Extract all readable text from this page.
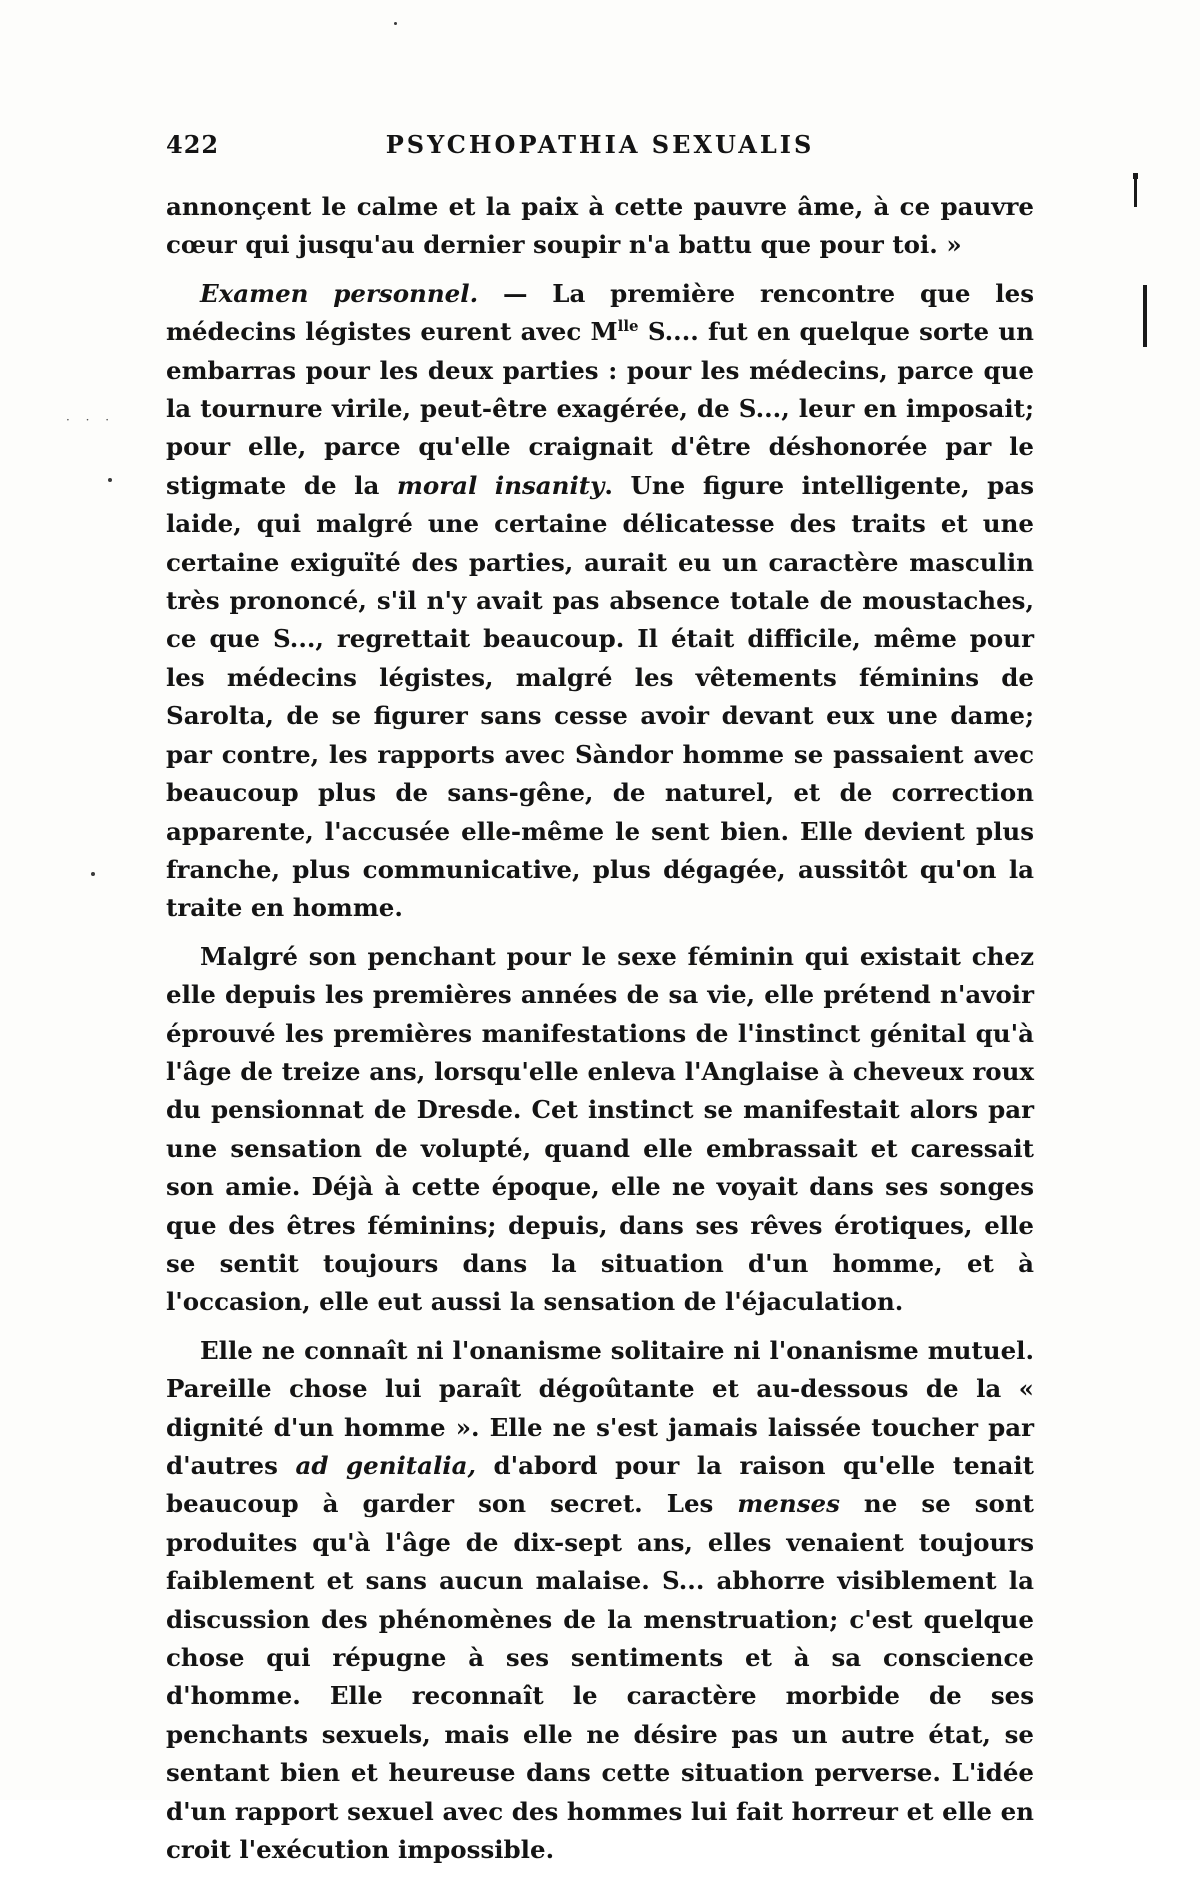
422	PSYCHOPATHIA SEXUALIS
· · ·

annonçent le calme et la paix à cette pauvre âme, à ce pauvre cœur qui jusqu'au dernier soupir n'a battu que pour toi. »

Examen personnel. — La première rencontre que les médecins légistes eurent avec $M^{lle}$ S.... fut en quelque sorte un embarras pour les deux parties : pour les médecins, parce que la tournure virile, peut-être exagérée, de S..., leur en imposait; pour elle, parce qu'elle craignait d'être déshonorée par le stigmate de la moral insanity. Une figure intelligente, pas laide, qui malgré une certaine délicatesse des traits et une certaine exiguïté des parties, aurait eu un caractère masculin très prononcé, s'il n'y avait pas absence totale de moustaches, ce que S..., regrettait beaucoup. Il était difficile, même pour les médecins légistes, malgré les vêtements féminins de Sarolta, de se figurer sans cesse avoir devant eux une dame; par contre, les rapports avec Sàndor homme se passaient avec beaucoup plus de sans-gêne, de naturel, et de correction apparente, l'accusée elle-même le sent bien. Elle devient plus franche, plus communicative, plus dégagée, aussitôt qu'on la traite en homme.

Malgré son penchant pour le sexe féminin qui existait chez elle depuis les premières années de sa vie, elle prétend n'avoir éprouvé les premières manifestations de l'instinct génital qu'à l'âge de treize ans, lorsqu'elle enleva l'Anglaise à cheveux roux du pensionnat de Dresde. Cet instinct se manifestait alors par une sensation de volupté, quand elle embrassait et caressait son amie. Déjà à cette époque, elle ne voyait dans ses songes que des êtres féminins; depuis, dans ses rêves érotiques, elle se sentit toujours dans la situation d'un homme, et à l'occasion, elle eut aussi la sensation de l'éjaculation.

Elle ne connaît ni l'onanisme solitaire ni l'onanisme mutuel. Pareille chose lui paraît dégoûtante et au-dessous de la « dignité d'un homme ». Elle ne s'est jamais laissée toucher par d'autres ad genitalia, d'abord pour la raison qu'elle tenait beaucoup à garder son secret. Les menses ne se sont produites qu'à l'âge de dix-sept ans, elles venaient toujours faiblement et sans aucun malaise. S... abhorre visiblement la discussion des phénomènes de la menstruation; c'est quelque chose qui répugne à ses sentiments et à sa conscience d'homme. Elle reconnaît le caractère morbide de ses penchants sexuels, mais elle ne désire pas un autre état, se sentant bien et heureuse dans cette situation perverse. L'idée d'un rapport sexuel avec des hommes lui fait horreur et elle en croit l'exécution impossible.
